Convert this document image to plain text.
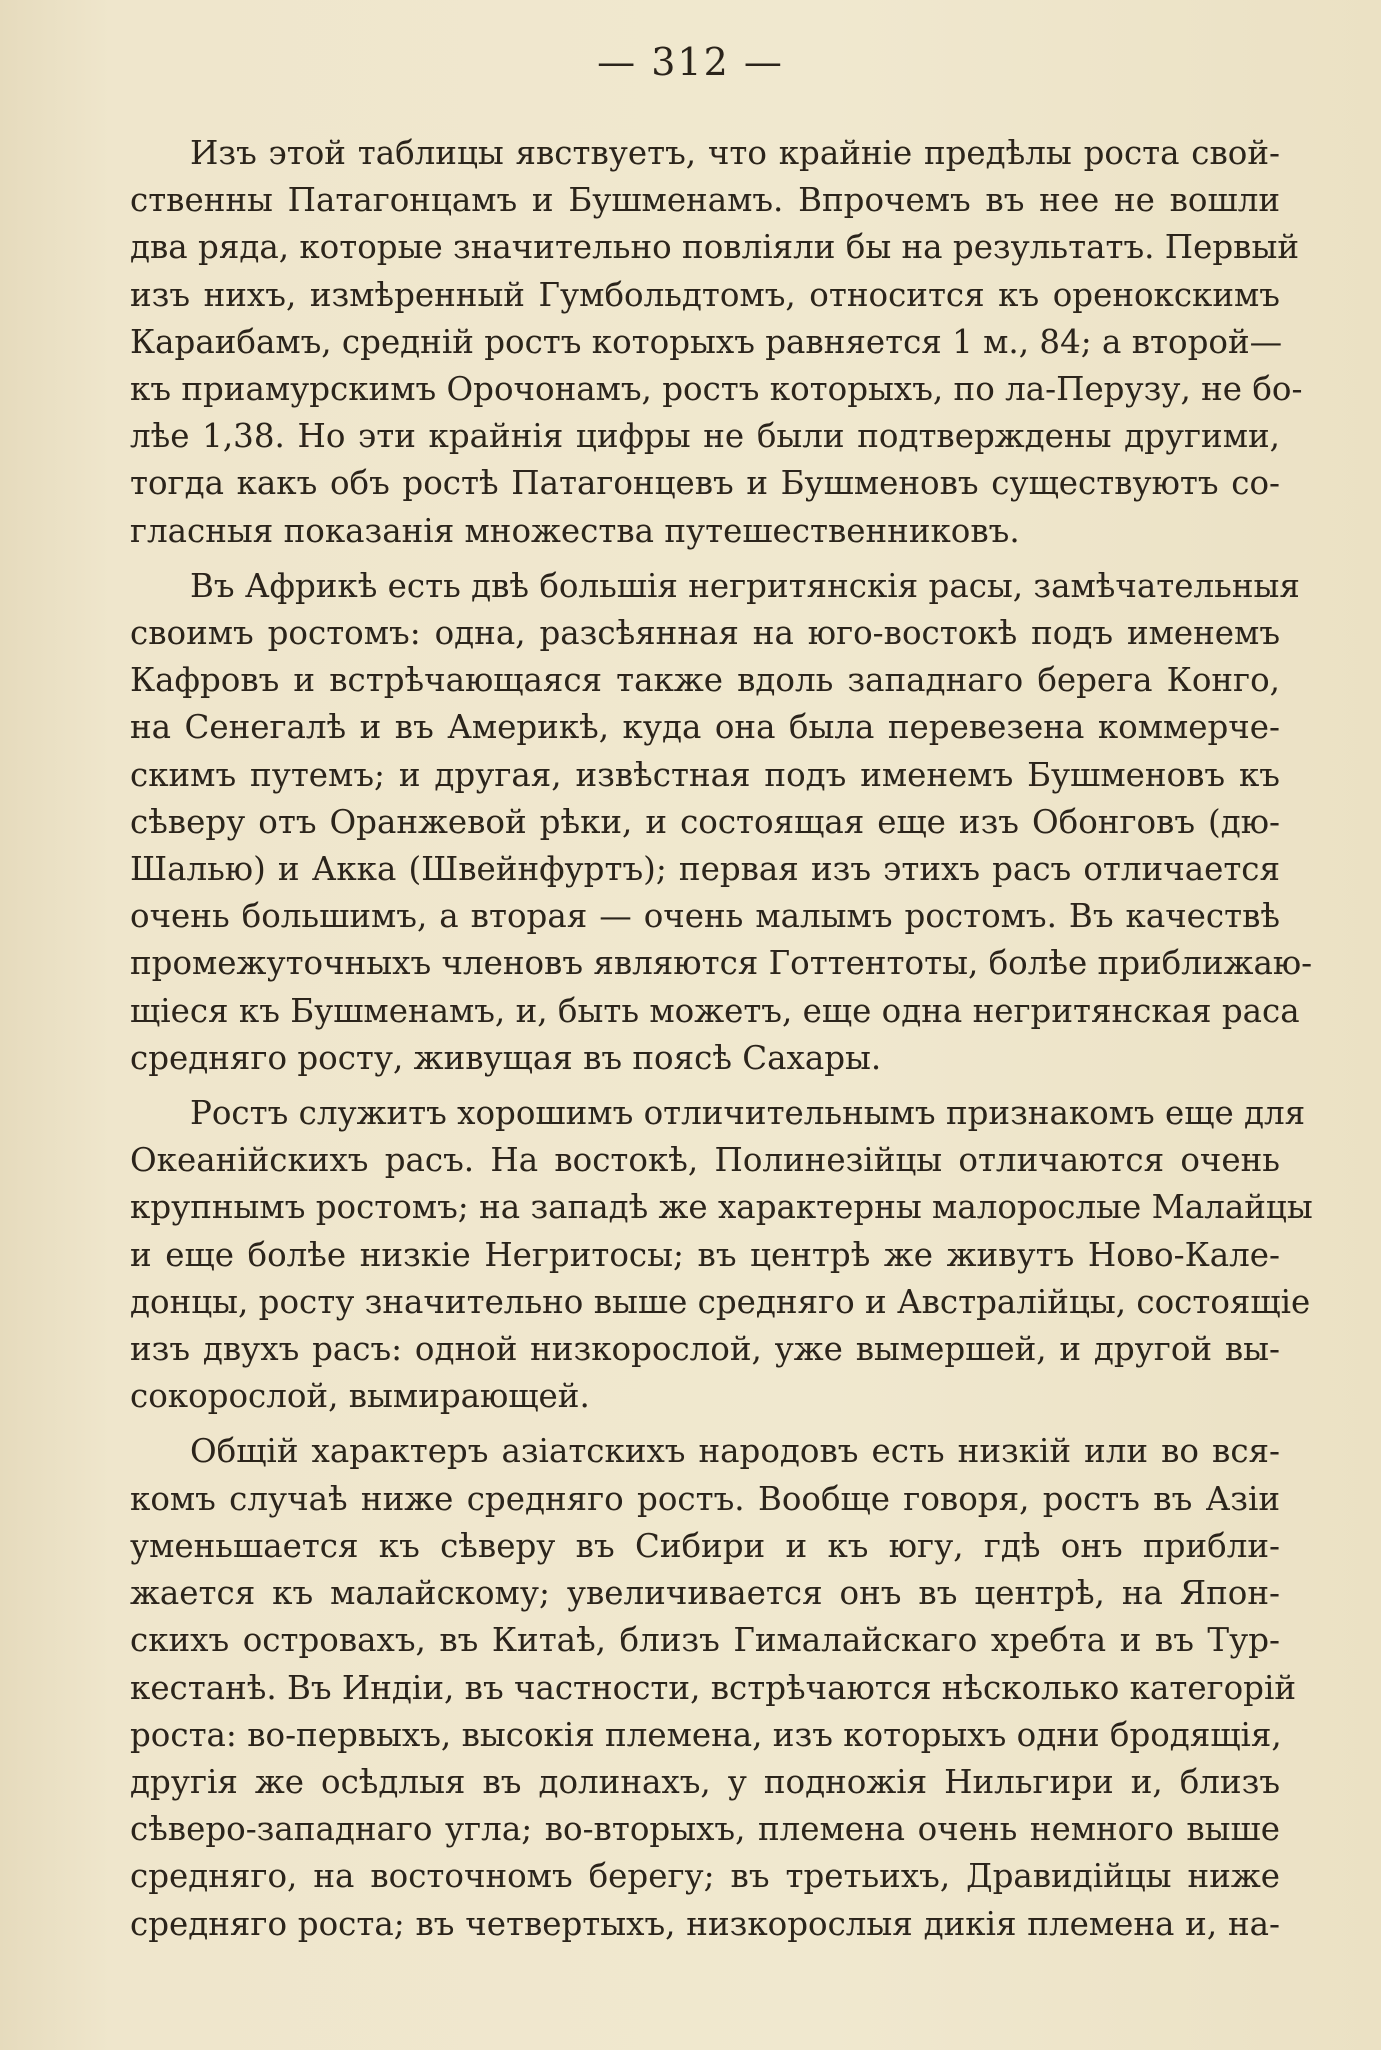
— 312 —
Изъ этой таблицы явствуетъ, что крайніе предѣлы роста свой-
ственны Патагонцамъ и Бушменамъ. Впрочемъ въ нее не вошли
два ряда, которые значительно повліяли бы на результатъ. Первый
изъ нихъ, измѣренный Гумбольдтомъ, относится къ оренокскимъ
Караибамъ, средній ростъ которыхъ равняется 1 м., 84; а второй—
къ приамурскимъ Орочонамъ, ростъ которыхъ, по ла-Перузу, не бо-
лѣе 1,38. Но эти крайнія цифры не были подтверждены другими,
тогда какъ объ ростѣ Патагонцевъ и Бушменовъ существуютъ со-
гласныя показанія множества путешественниковъ.
Въ Африкѣ есть двѣ большія негритянскія расы, замѣчательныя
своимъ ростомъ: одна, разсѣянная на юго-востокѣ подъ именемъ
Кафровъ и встрѣчающаяся также вдоль западнаго берега Конго,
на Сенегалѣ и въ Америкѣ, куда она была перевезена коммерче-
скимъ путемъ; и другая, извѣстная подъ именемъ Бушменовъ къ
сѣверу отъ Оранжевой рѣки, и состоящая еще изъ Обонговъ (дю-
Шалью) и Акка (Швейнфуртъ); первая изъ этихъ расъ отличается
очень большимъ, а вторая — очень малымъ ростомъ. Въ качествѣ
промежуточныхъ членовъ являются Готтентоты, болѣе приближаю-
щіеся къ Бушменамъ, и, быть можетъ, еще одна негритянская раса
средняго росту, живущая въ поясѣ Сахары.
Ростъ служитъ хорошимъ отличительнымъ признакомъ еще для
Океанійскихъ расъ. На востокѣ, Полинезійцы отличаются очень
крупнымъ ростомъ; на западѣ же характерны малорослые Малайцы
и еще болѣе низкіе Негритосы; въ центрѣ же живутъ Ново-Кале-
донцы, росту значительно выше средняго и Австралійцы, состоящіе
изъ двухъ расъ: одной низкорослой, уже вымершей, и другой вы-
сокорослой, вымирающей.
Общій характеръ азіатскихъ народовъ есть низкій или во вся-
комъ случаѣ ниже средняго ростъ. Вообще говоря, ростъ въ Азіи
уменьшается къ сѣверу въ Сибири и къ югу, гдѣ онъ прибли-
жается къ малайскому; увеличивается онъ въ центрѣ, на Япон-
скихъ островахъ, въ Китаѣ, близъ Гималайскаго хребта и въ Тур-
кестанѣ. Въ Индіи, въ частности, встрѣчаются нѣсколько категорій
роста: во-первыхъ, высокія племена, изъ которыхъ одни бродящія,
другія же осѣдлыя въ долинахъ, у подножія Нильгири и, близъ
сѣверо-западнаго угла; во-вторыхъ, племена очень немного выше
средняго, на восточномъ берегу; въ третьихъ, Дравидійцы ниже
средняго роста; въ четвертыхъ, низкорослыя дикія племена и, на-
